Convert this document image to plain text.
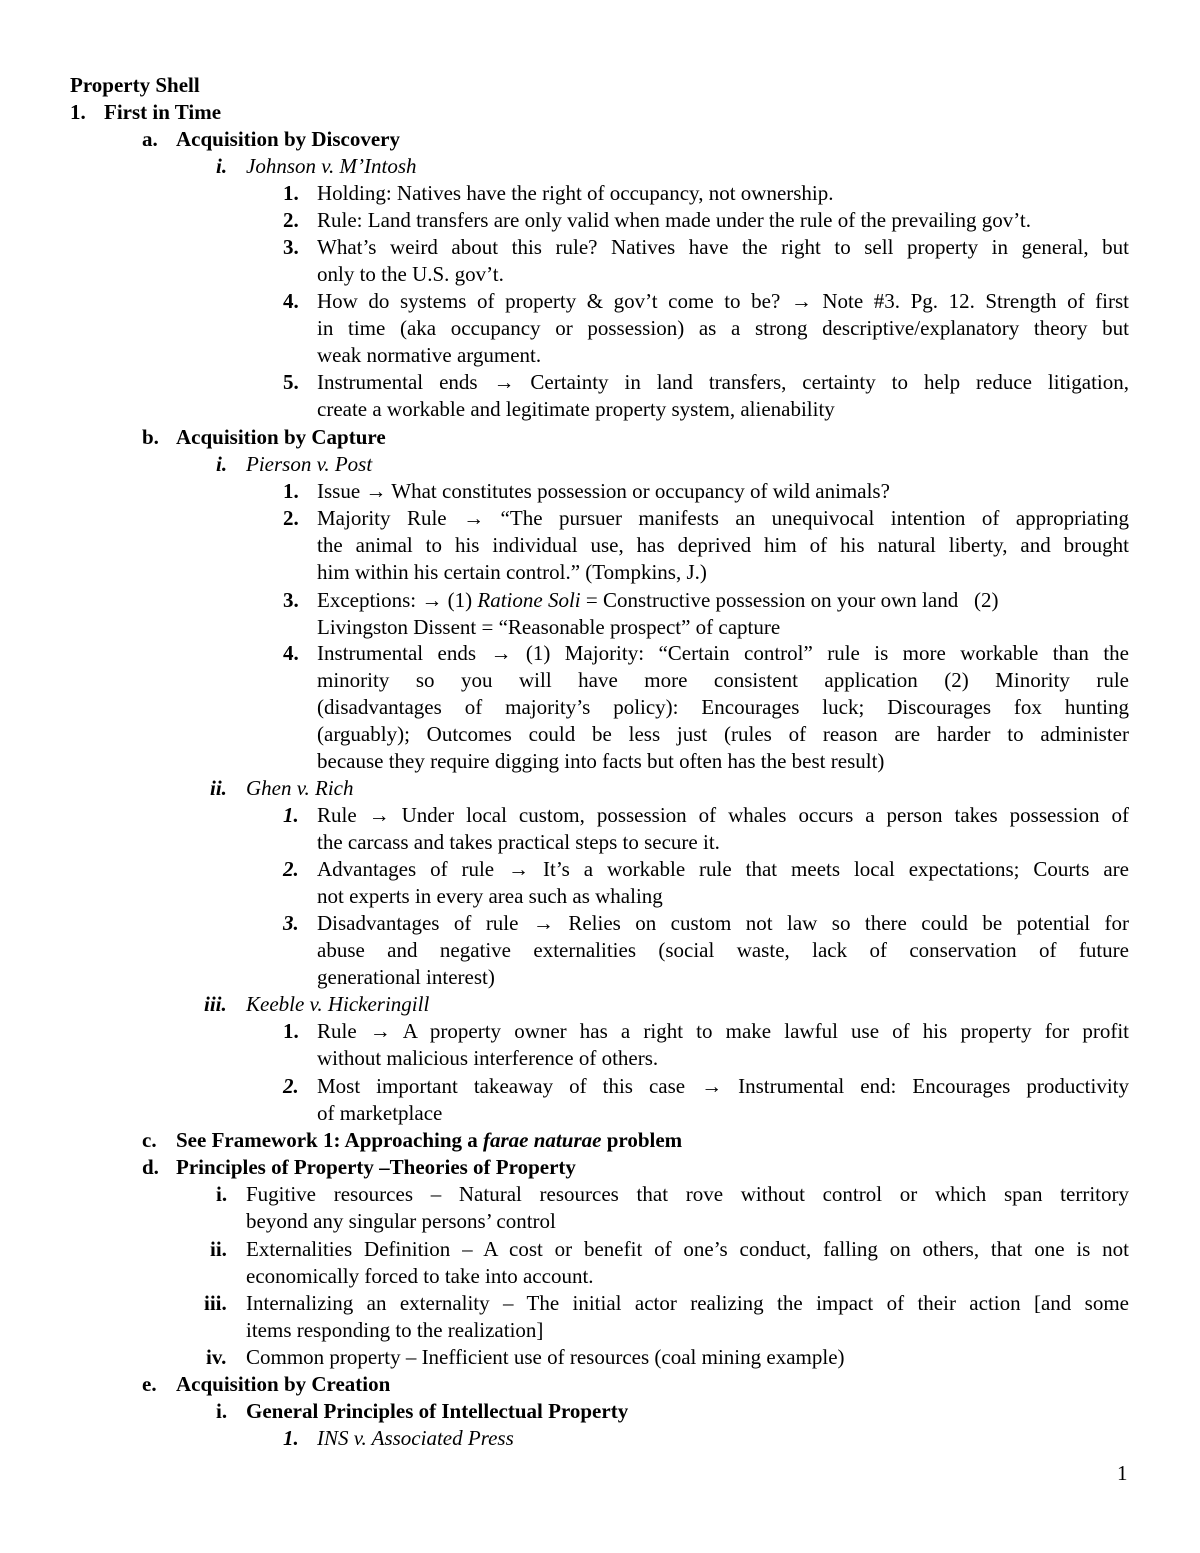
Property Shell
1. First in Time
a. Acquisition by Discovery
i. Johnson v. M’Intosh
1. Holding: Natives have the right of occupancy, not ownership.
2. Rule: Land transfers are only valid when made under the rule of the prevailing gov’t.
3. What’s weird about this rule? Natives have the right to sell property in general, but
only to the U.S. gov’t.
4. How do systems of property & gov’t come to be? → Note #3. Pg. 12. Strength of first
in time (aka occupancy or possession) as a strong descriptive/explanatory theory but
weak normative argument.
5. Instrumental ends → Certainty in land transfers, certainty to help reduce litigation,
create a workable and legitimate property system, alienability
b. Acquisition by Capture
i. Pierson v. Post
1. Issue → What constitutes possession or occupancy of wild animals?
2. Majority Rule → “The pursuer manifests an unequivocal intention of appropriating
the animal to his individual use, has deprived him of his natural liberty, and brought
him within his certain control.” (Tompkins, J.)
3. Exceptions: → (1) Ratione Soli = Constructive possession on your own land   (2)
Livingston Dissent = “Reasonable prospect” of capture
4. Instrumental ends → (1) Majority: “Certain control” rule is more workable than the
minority so you will have more consistent application (2) Minority rule
(disadvantages of majority’s policy): Encourages luck; Discourages fox hunting
(arguably); Outcomes could be less just (rules of reason are harder to administer
because they require digging into facts but often has the best result)
ii. Ghen v. Rich
1. Rule → Under local custom, possession of whales occurs a person takes possession of
the carcass and takes practical steps to secure it.
2. Advantages of rule → It’s a workable rule that meets local expectations; Courts are
not experts in every area such as whaling
3. Disadvantages of rule → Relies on custom not law so there could be potential for
abuse and negative externalities (social waste, lack of conservation of future
generational interest)
iii. Keeble v. Hickeringill
1. Rule → A property owner has a right to make lawful use of his property for profit
without malicious interference of others.
2. Most important takeaway of this case → Instrumental end: Encourages productivity
of marketplace
c. See Framework 1: Approaching a farae naturae problem
d. Principles of Property –Theories of Property
i. Fugitive resources – Natural resources that rove without control or which span territory
beyond any singular persons’ control
ii. Externalities Definition – A cost or benefit of one’s conduct, falling on others, that one is not
economically forced to take into account.
iii. Internalizing an externality – The initial actor realizing the impact of their action [and some
items responding to the realization]
iv. Common property – Inefficient use of resources (coal mining example)
e. Acquisition by Creation
i. General Principles of Intellectual Property
1. INS v. Associated Press
1
